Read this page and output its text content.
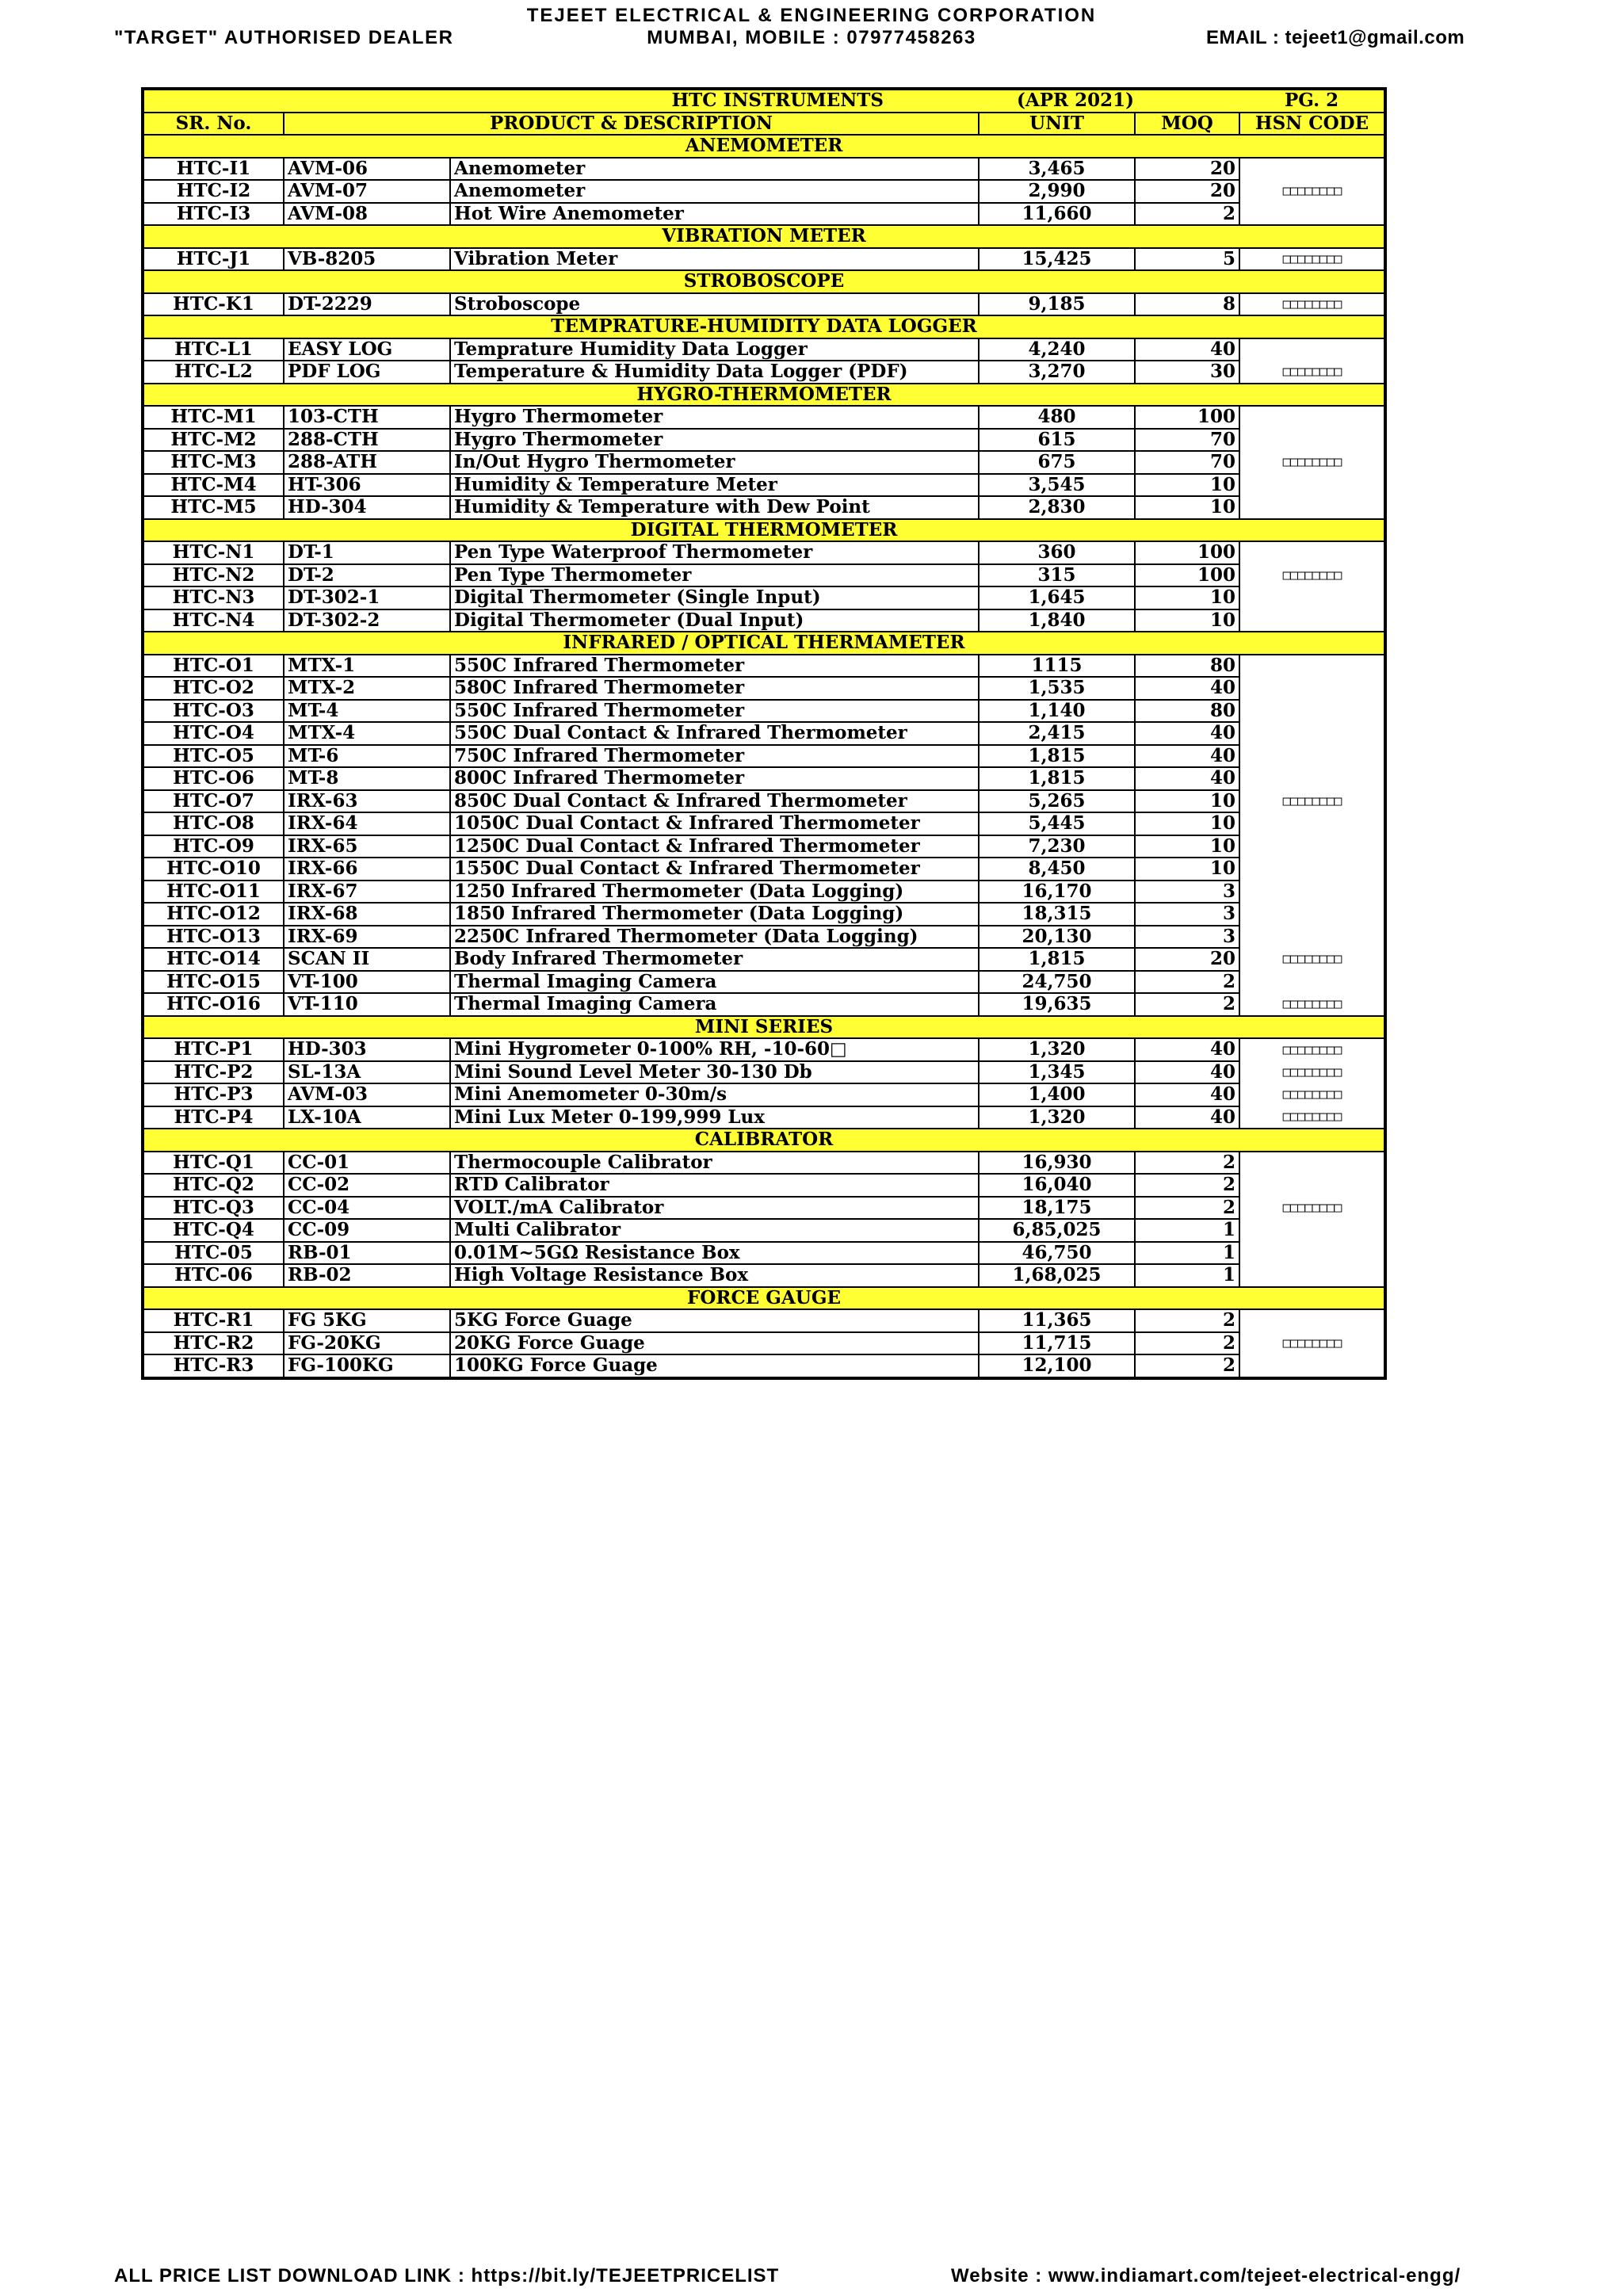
TEJEET ELECTRICAL & ENGINEERING CORPORATION
"TARGET" AUTHORISED DEALER	MUMBAI, MOBILE : 07977458263	EMAIL : tejeet1@gmail.com
	HTC INSTRUMENTS		(APR 2021)		PG. 2
SR. No.	PRODUCT & DESCRIPTION		UNIT	MOQ	HSN CODE
ANEMOMETER					
HTC-I1	AVM-06	Anemometer	3,465	20	
HTC-I2	AVM-07	Anemometer	2,990	20	□□□□□□□□
HTC-I3	AVM-08	Hot Wire Anemometer	11,660	2	
VIBRATION METER					
HTC-J1	VB-8205	Vibration Meter	15,425	5	□□□□□□□□
STROBOSCOPE					
HTC-K1	DT-2229	Stroboscope	9,185	8	□□□□□□□□
TEMPRATURE-HUMIDITY DATA LOGGER					
HTC-L1	EASY LOG	Temprature Humidity Data Logger	4,240	40	
HTC-L2	PDF LOG	Temperature & Humidity Data Logger (PDF)	3,270	30	□□□□□□□□
HYGRO-THERMOMETER					
HTC-M1	103-CTH	Hygro Thermometer	480	100	
HTC-M2	288-CTH	Hygro Thermometer	615	70	
HTC-M3	288-ATH	In/Out Hygro Thermometer	675	70	□□□□□□□□
HTC-M4	HT-306	Humidity & Temperature Meter	3,545	10	
HTC-M5	HD-304	Humidity & Temperature with Dew Point	2,830	10	
DIGITAL THERMOMETER					
HTC-N1	DT-1	Pen Type Waterproof Thermometer	360	100	
HTC-N2	DT-2	Pen Type Thermometer	315	100	□□□□□□□□
HTC-N3	DT-302-1	Digital Thermometer (Single Input)	1,645	10	
HTC-N4	DT-302-2	Digital Thermometer (Dual Input)	1,840	10	
INFRARED / OPTICAL THERMAMETER					
HTC-O1	MTX-1	550C Infrared Thermometer	1115	80	
HTC-O2	MTX-2	580C Infrared Thermometer	1,535	40	
HTC-O3	MT-4	550C Infrared Thermometer	1,140	80	
HTC-O4	MTX-4	550C Dual Contact & Infrared Thermometer	2,415	40	
HTC-O5	MT-6	750C Infrared Thermometer	1,815	40	
HTC-O6	MT-8	800C Infrared Thermometer	1,815	40	
HTC-O7	IRX-63	850C Dual Contact & Infrared Thermometer	5,265	10	□□□□□□□□
HTC-O8	IRX-64	1050C Dual Contact & Infrared Thermometer	5,445	10	
HTC-O9	IRX-65	1250C Dual Contact & Infrared Thermometer	7,230	10	
HTC-O10	IRX-66	1550C Dual Contact & Infrared Thermometer	8,450	10	
HTC-O11	IRX-67	1250 Infrared Thermometer (Data Logging)	16,170	3	
HTC-O12	IRX-68	1850 Infrared Thermometer (Data Logging)	18,315	3	
HTC-O13	IRX-69	2250C Infrared Thermometer (Data Logging)	20,130	3	
HTC-O14	SCAN II	Body Infrared Thermometer	1,815	20	□□□□□□□□
HTC-O15	VT-100	Thermal Imaging Camera	24,750	2	
HTC-O16	VT-110	Thermal Imaging Camera	19,635	2	□□□□□□□□
MINI SERIES					
HTC-P1	HD-303	Mini Hygrometer 0-100% RH, -10-60□	1,320	40	□□□□□□□□
HTC-P2	SL-13A	Mini Sound Level Meter 30-130 Db	1,345	40	□□□□□□□□
HTC-P3	AVM-03	Mini Anemometer 0-30m/s	1,400	40	□□□□□□□□
HTC-P4	LX-10A	Mini Lux Meter 0-199,999 Lux	1,320	40	□□□□□□□□
CALIBRATOR					
HTC-Q1	CC-01	Thermocouple Calibrator	16,930	2	
HTC-Q2	CC-02	RTD Calibrator	16,040	2	
HTC-Q3	CC-04	VOLT./mA Calibrator	18,175	2	□□□□□□□□
HTC-Q4	CC-09	Multi Calibrator	6,85,025	1	
HTC-05	RB-01	0.01M~5GΩ Resistance Box	46,750	1	
HTC-06	RB-02	High Voltage Resistance Box	1,68,025	1	
FORCE GAUGE					
HTC-R1	FG 5KG	5KG Force Guage	11,365	2	
HTC-R2	FG-20KG	20KG Force Guage	11,715	2	□□□□□□□□
HTC-R3	FG-100KG	100KG Force Guage	12,100	2	
ALL PRICE LIST DOWNLOAD LINK : https://bit.ly/TEJEETPRICELIST	Website : www.indiamart.com/tejeet-electrical-engg/
